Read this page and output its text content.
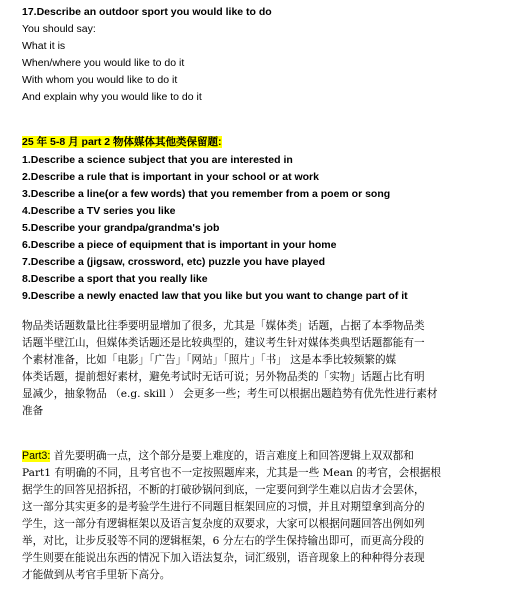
17.Describe an outdoor sport you would like to do
You should say:
What it is
When/where you would like to do it
With whom you would like to do it
And explain why you would like to do it
25 年 5-8 月 part 2 物体媒体其他类保留题:
1.Describe a science subject that you are interested in
2.Describe a rule that is important in your school or at work
3.Describe a line(or a few words) that you remember from a poem or song
4.Describe a TV series you like
5.Describe your grandpa/grandma's job
6.Describe a piece of equipment that is important in your home
7.Describe a (jigsaw, crossword, etc) puzzle you have played
8.Describe a sport that you really like
9.Describe a newly enacted law that you like but you want to change part of it

物品类话题数量比往季要明显增加了很多，尤其是「媒体类」话题，占据了本季物品类

话题半壁江山，但媒体类话题还是比较典型的，建议考生针对媒体类典型话题都能有一

个素材准备，比如「电影」「广告」「网站」「照片」「书」 这是本季比较频繁的媒

体类话题，提前想好素材，避免考试时无话可说；另外物品类的「实物」话题占比有明

显减少，抽象物品 （e.g. skill ） 会更多一些；考生可以根据出题趋势有优先性进行素材

准备

Part3: 首先要明确一点，这个部分是要上难度的，语言难度上和回答逻辑上双双都和

Part1 有明确的不同，且考官也不一定按照题库来，尤其是一些 Mean 的考官，会根据根

据学生的回答见招拆招，不断的打破砂锅问到底，一定要问到学生难以启齿才会罢休，

这一部分其实更多的是考验学生进行不同题目框架回应的习惯，并且对期望拿到高分的

学生，这一部分有逻辑框架以及语言复杂度的双要求，大家可以根据问题回答出例如列

举，对比，让步反驳等不同的逻辑框架，6 分左右的学生保持输出即可，而更高分段的

学生则要在能说出东西的情况下加入语法复杂，词汇级别，语音现象上的种种得分表现

才能做到从考官手里斩下高分。
